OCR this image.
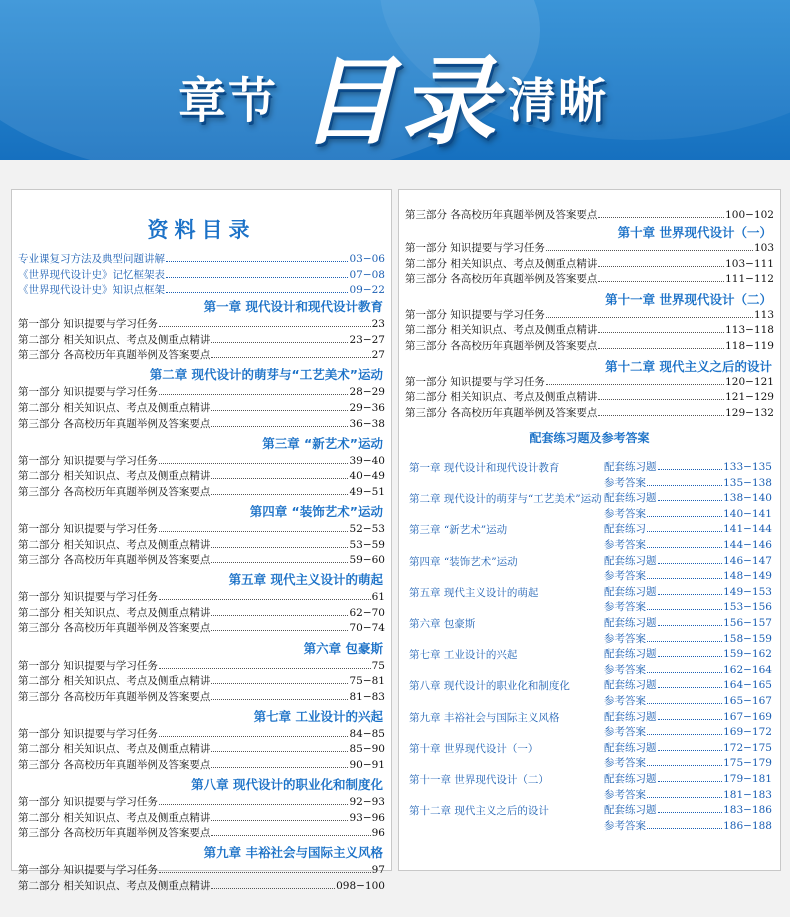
章节 目录 清晰
资料目录
专业课复习方法及典型问题讲解	03−06
《世界现代设计史》记忆框架表	07−08
《世界现代设计史》知识点框架	09−22
第一章 现代设计和现代设计教育
第一部分 知识提要与学习任务	23
第二部分 相关知识点、考点及侧重点精讲	23−27
第三部分 各高校历年真题举例及答案要点	27
第二章 现代设计的萌芽与“工艺美术”运动
第一部分 知识提要与学习任务	28−29
第二部分 相关知识点、考点及侧重点精讲	29−36
第三部分 各高校历年真题举例及答案要点	36−38
第三章 “新艺术”运动
第一部分 知识提要与学习任务	39−40
第二部分 相关知识点、考点及侧重点精讲	40−49
第三部分 各高校历年真题举例及答案要点	49−51
第四章 “装饰艺术”运动
第一部分 知识提要与学习任务	52−53
第二部分 相关知识点、考点及侧重点精讲	53−59
第三部分 各高校历年真题举例及答案要点	59−60
第五章 现代主义设计的萌起
第一部分 知识提要与学习任务	61
第二部分 相关知识点、考点及侧重点精讲	62−70
第三部分 各高校历年真题举例及答案要点	70−74
第六章 包豪斯
第一部分 知识提要与学习任务	75
第二部分 相关知识点、考点及侧重点精讲	75−81
第三部分 各高校历年真题举例及答案要点	81−83
第七章 工业设计的兴起
第一部分 知识提要与学习任务	84−85
第二部分 相关知识点、考点及侧重点精讲	85−90
第三部分 各高校历年真题举例及答案要点	90−91
第八章 现代设计的职业化和制度化
第一部分 知识提要与学习任务	92−93
第二部分 相关知识点、考点及侧重点精讲	93−96
第三部分 各高校历年真题举例及答案要点	96
第九章 丰裕社会与国际主义风格
第一部分 知识提要与学习任务	97
第二部分 相关知识点、考点及侧重点精讲	098−100
第三部分 各高校历年真题举例及答案要点	100−102
第十章 世界现代设计（一）
第一部分 知识提要与学习任务	103
第二部分 相关知识点、考点及侧重点精讲	103−111
第三部分 各高校历年真题举例及答案要点	111−112
第十一章 世界现代设计（二）
第一部分 知识提要与学习任务	113
第二部分 相关知识点、考点及侧重点精讲	113−118
第三部分 各高校历年真题举例及答案要点	118−119
第十二章 现代主义之后的设计
第一部分 知识提要与学习任务	120−121
第二部分 相关知识点、考点及侧重点精讲	121−129
第三部分 各高校历年真题举例及答案要点	129−132
配套练习题及参考答案
第一章 现代设计和现代设计教育	配套练习题	133−135
参考答案	135−138
第二章 现代设计的萌芽与“工艺美术”运动 配套练习题	138−140
参考答案	140−141
第三章 “新艺术”运动	配套练习	141−144
参考答案	144−146
第四章 “装饰艺术”运动	配套练习题	146−147
参考答案	148−149
第五章 现代主义设计的萌起	配套练习题	149−153
参考答案	153−156
第六章 包豪斯	配套练习题	156−157
参考答案	158−159
第七章 工业设计的兴起	配套练习题	159−162
参考答案	162−164
第八章 现代设计的职业化和制度化	配套练习题	164−165
参考答案	165−167
第九章 丰裕社会与国际主义风格	配套练习题	167−169
参考答案	169−172
第十章 世界现代设计（一）	配套练习题	172−175
参考答案	175−179
第十一章 世界现代设计（二）	配套练习题	179−181
参考答案	181−183
第十二章 现代主义之后的设计	配套练习题	183−186
参考答案	186−188
